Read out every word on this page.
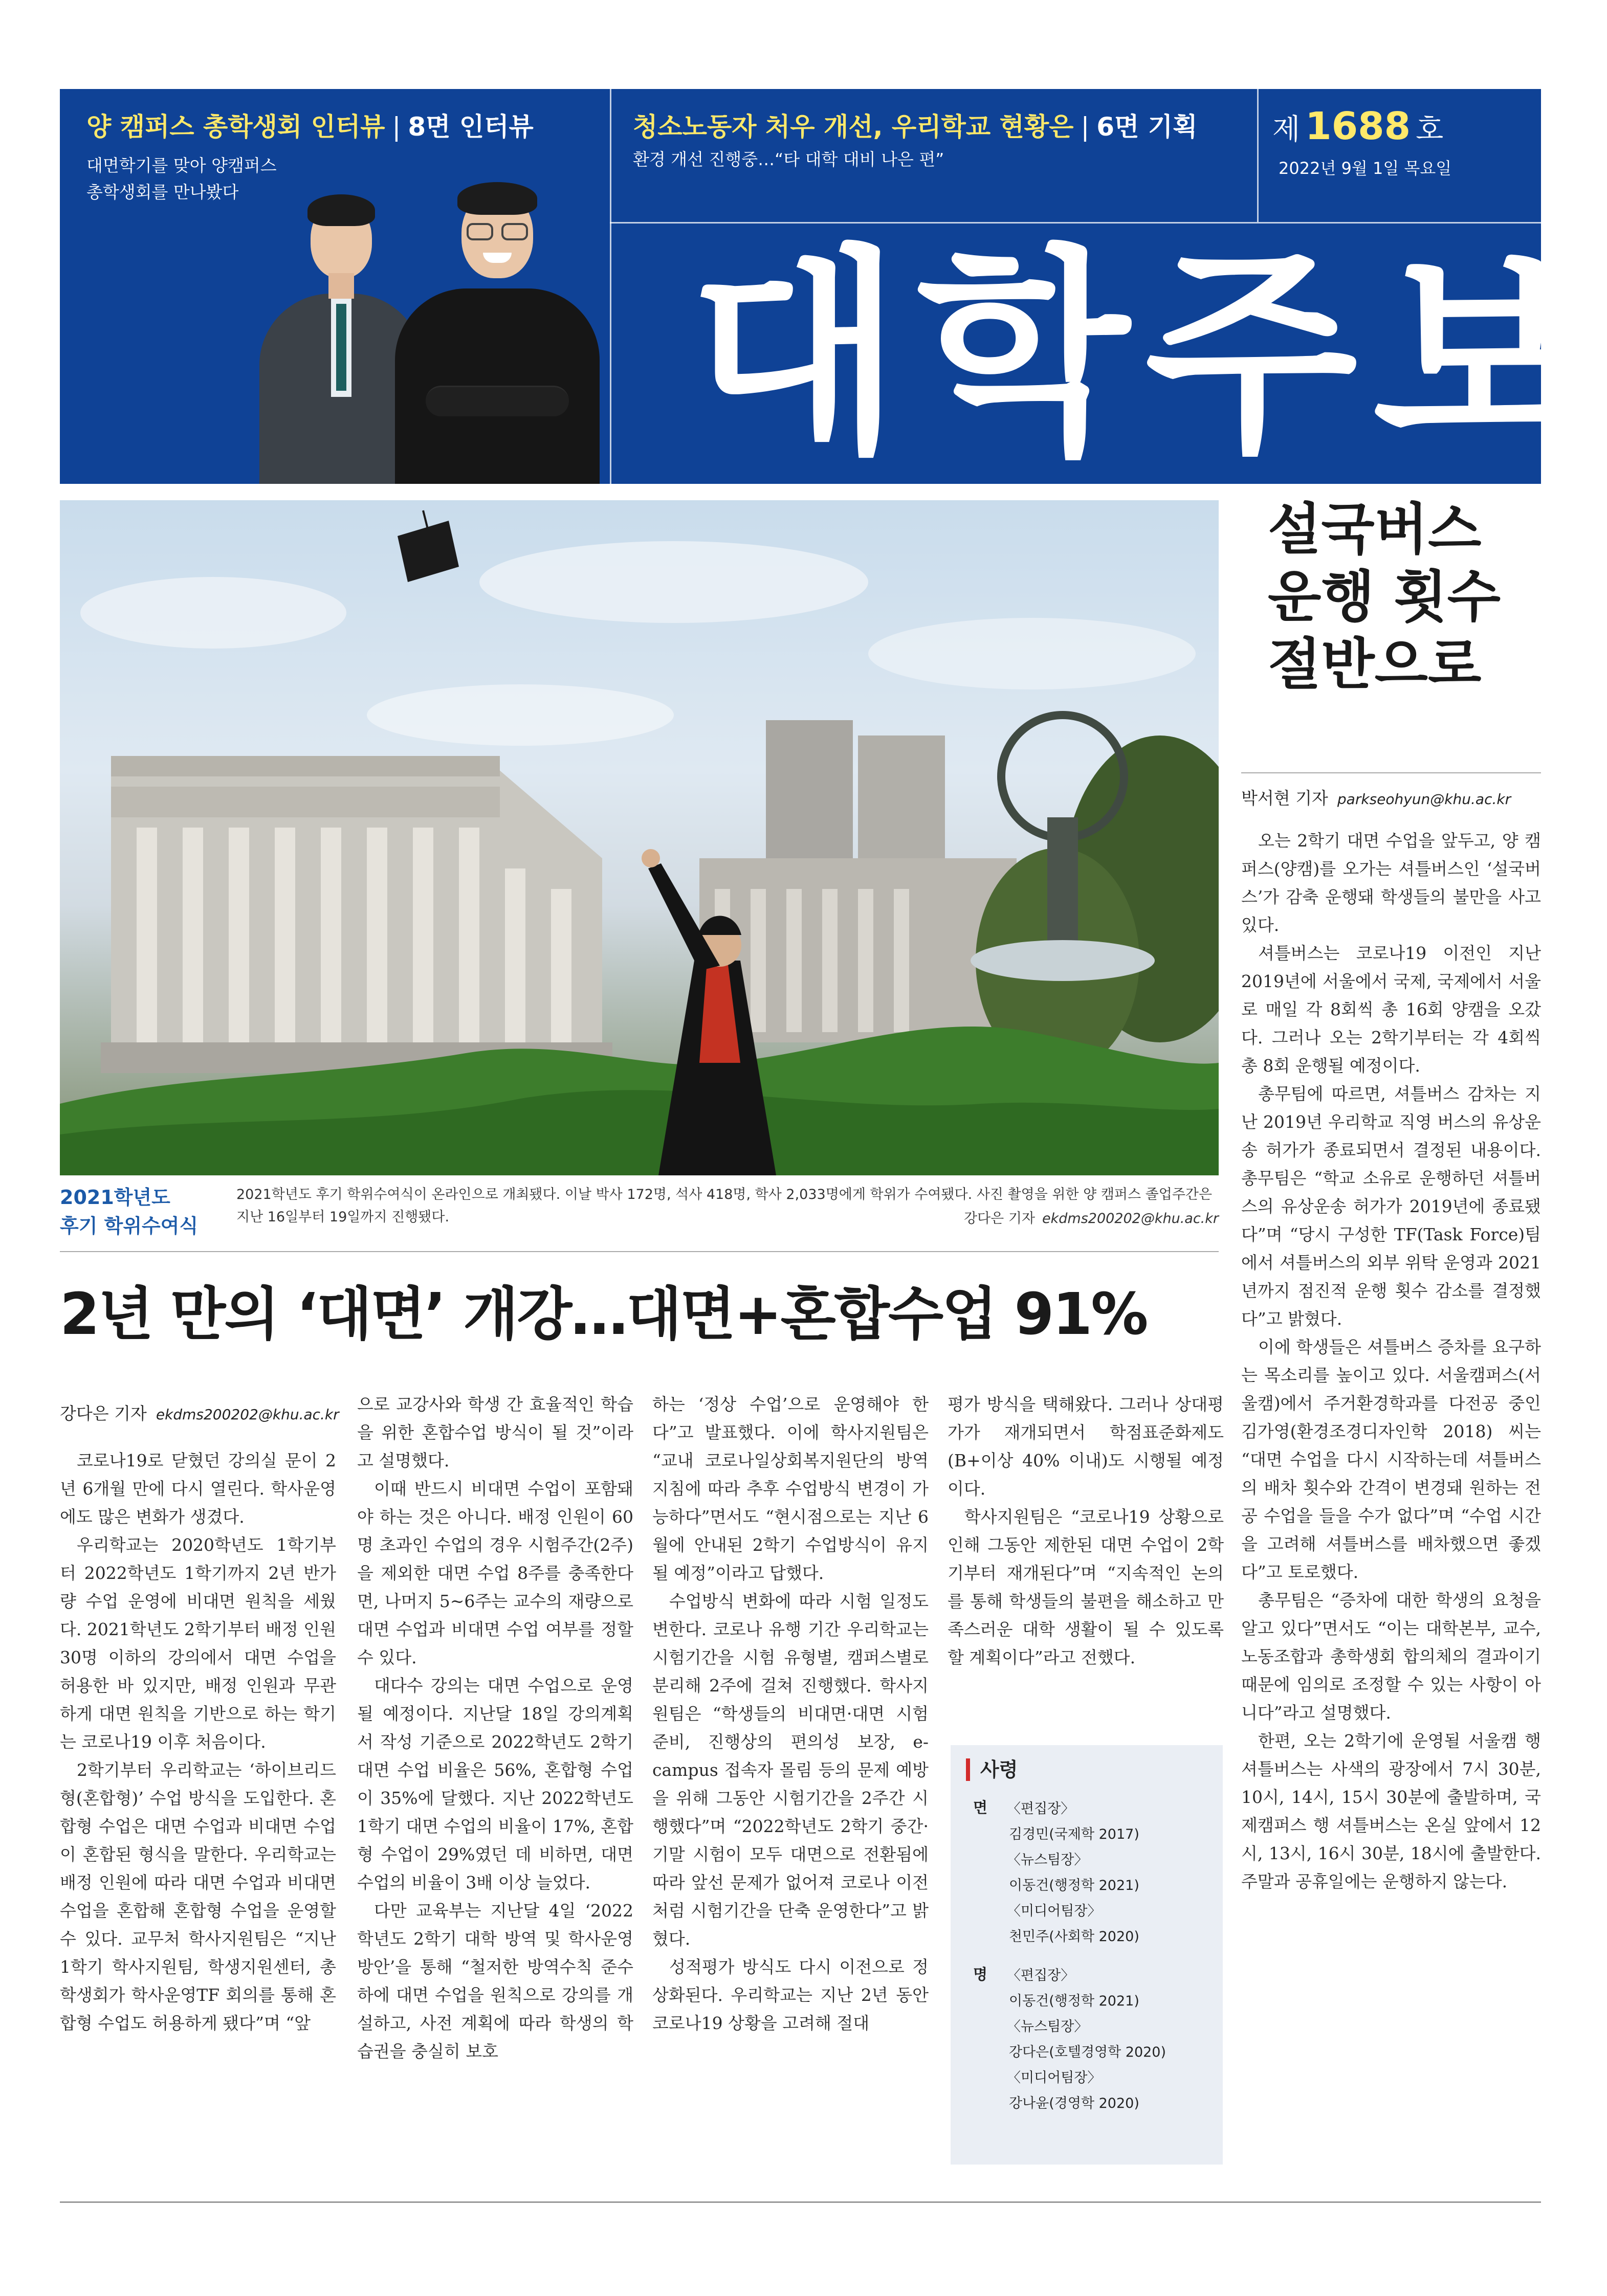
양 캠퍼스 총학생회 인터뷰 | 8면 인터뷰
대면학기를 맞아 양캠퍼스
총학생회를 만나봤다
청소노동자 처우 개선, 우리학교 현황은 | 6면 기획
환경 개선 진행중…“타 대학 대비 나은 편”
제 1688 호
2022년 9월 1일 목요일
대학주보
2021학년도
후기 학위수여식
2021학년도 후기 학위수여식이 온라인으로 개최됐다. 이날 박사 172명, 석사 418명, 학사 2,033명에게 학위가 수여됐다. 사진 촬영을 위한 양 캠퍼스 졸업주간은 지난 16일부터 19일까지 진행됐다.	강다은 기자 ekdms200202@khu.ac.kr
2년 만의 ‘대면’ 개강…대면+혼합수업 91%
강다은 기자 ekdms200202@khu.ac.kr

코로나19로 닫혔던 강의실 문이 2년 6개월 만에 다시 열린다. 학사운영에도 많은 변화가 생겼다.

우리학교는 2020학년도 1학기부터 2022학년도 1학기까지 2년 반가량 수업 운영에 비대면 원칙을 세웠다. 2021학년도 2학기부터 배정 인원 30명 이하의 강의에서 대면 수업을 허용한 바 있지만, 배정 인원과 무관하게 대면 원칙을 기반으로 하는 학기는 코로나19 이후 처음이다.

2학기부터 우리학교는 ‘하이브리드형(혼합형)’ 수업 방식을 도입한다. 혼합형 수업은 대면 수업과 비대면 수업이 혼합된 형식을 말한다. 우리학교는 배정 인원에 따라 대면 수업과 비대면 수업을 혼합해 혼합형 수업을 운영할 수 있다. 교무처 학사지원팀은 “지난 1학기 학사지원팀, 학생지원센터, 총학생회가 학사운영TF 회의를 통해 혼합형 수업도 허용하게 됐다”며 “앞

으로 교강사와 학생 간 효율적인 학습을 위한 혼합수업 방식이 될 것”이라고 설명했다.

이때 반드시 비대면 수업이 포함돼야 하는 것은 아니다. 배정 인원이 60명 초과인 수업의 경우 시험주간(2주)을 제외한 대면 수업 8주를 충족한다면, 나머지 5~6주는 교수의 재량으로 대면 수업과 비대면 수업 여부를 정할 수 있다.

대다수 강의는 대면 수업으로 운영될 예정이다. 지난달 18일 강의계획서 작성 기준으로 2022학년도 2학기 대면 수업 비율은 56%, 혼합형 수업이 35%에 달했다. 지난 2022학년도 1학기 대면 수업의 비율이 17%, 혼합형 수업이 29%였던 데 비하면, 대면 수업의 비율이 3배 이상 늘었다.

다만 교육부는 지난달 4일 ‘2022학년도 2학기 대학 방역 및 학사운영 방안’을 통해 “철저한 방역수칙 준수 하에 대면 수업을 원칙으로 강의를 개설하고, 사전 계획에 따라 학생의 학습권을 충실히 보호

하는 ‘정상 수업’으로 운영해야 한다”고 발표했다. 이에 학사지원팀은 “교내 코로나일상회복지원단의 방역 지침에 따라 추후 수업방식 변경이 가능하다”면서도 “현시점으로는 지난 6월에 안내된 2학기 수업방식이 유지될 예정”이라고 답했다.

수업방식 변화에 따라 시험 일정도 변한다. 코로나 유행 기간 우리학교는 시험기간을 시험 유형별, 캠퍼스별로 분리해 2주에 걸쳐 진행했다. 학사지원팀은 “학생들의 비대면·대면 시험 준비, 진행상의 편의성 보장, e-campus 접속자 몰림 등의 문제 예방을 위해 그동안 시험기간을 2주간 시행했다”며 “2022학년도 2학기 중간·기말 시험이 모두 대면으로 전환됨에 따라 앞선 문제가 없어져 코로나 이전처럼 시험기간을 단축 운영한다”고 밝혔다.

성적평가 방식도 다시 이전으로 정상화된다. 우리학교는 지난 2년 동안 코로나19 상황을 고려해 절대

평가 방식을 택해왔다. 그러나 상대평가가 재개되면서 학점표준화제도(B+이상 40% 이내)도 시행될 예정이다.

학사지원팀은 “코로나19 상황으로 인해 그동안 제한된 대면 수업이 2학기부터 재개된다”며 “지속적인 논의를 통해 학생들의 불편을 해소하고 만족스러운 대학 생활이 될 수 있도록 할 계획이다”라고 전했다.

사령
면 〈편집장〉
김경민(국제학 2017)
〈뉴스팀장〉
이동건(행정학 2021)
〈미디어팀장〉
천민주(사회학 2020)
명 〈편집장〉
이동건(행정학 2021)
〈뉴스팀장〉
강다은(호텔경영학 2020)
〈미디어팀장〉
강나윤(경영학 2020)
설국버스
운행 횟수
절반으로
박서현 기자 parkseohyun@khu.ac.kr

오는 2학기 대면 수업을 앞두고, 양 캠퍼스(양캠)를 오가는 셔틀버스인 ‘설국버스’가 감축 운행돼 학생들의 불만을 사고 있다.

셔틀버스는 코로나19 이전인 지난 2019년에 서울에서 국제, 국제에서 서울로 매일 각 8회씩 총 16회 양캠을 오갔다. 그러나 오는 2학기부터는 각 4회씩 총 8회 운행될 예정이다.

총무팀에 따르면, 셔틀버스 감차는 지난 2019년 우리학교 직영 버스의 유상운송 허가가 종료되면서 결정된 내용이다. 총무팀은 “학교 소유로 운행하던 셔틀버스의 유상운송 허가가 2019년에 종료됐다”며 “당시 구성한 TF(Task Force)팀에서 셔틀버스의 외부 위탁 운영과 2021년까지 점진적 운행 횟수 감소를 결정했다”고 밝혔다.

이에 학생들은 셔틀버스 증차를 요구하는 목소리를 높이고 있다. 서울캠퍼스(서울캠)에서 주거환경학과를 다전공 중인 김가영(환경조경디자인학 2018) 씨는 “대면 수업을 다시 시작하는데 셔틀버스의 배차 횟수와 간격이 변경돼 원하는 전공 수업을 들을 수가 없다”며 “수업 시간을 고려해 셔틀버스를 배차했으면 좋겠다”고 토로했다.

총무팀은 “증차에 대한 학생의 요청을 알고 있다”면서도 “이는 대학본부, 교수, 노동조합과 총학생회 합의체의 결과이기 때문에 임의로 조정할 수 있는 사항이 아니다”라고 설명했다.

한편, 오는 2학기에 운영될 서울캠 행 셔틀버스는 사색의 광장에서 7시 30분, 10시, 14시, 15시 30분에 출발하며, 국제캠퍼스 행 셔틀버스는 온실 앞에서 12시, 13시, 16시 30분, 18시에 출발한다. 주말과 공휴일에는 운행하지 않는다.
